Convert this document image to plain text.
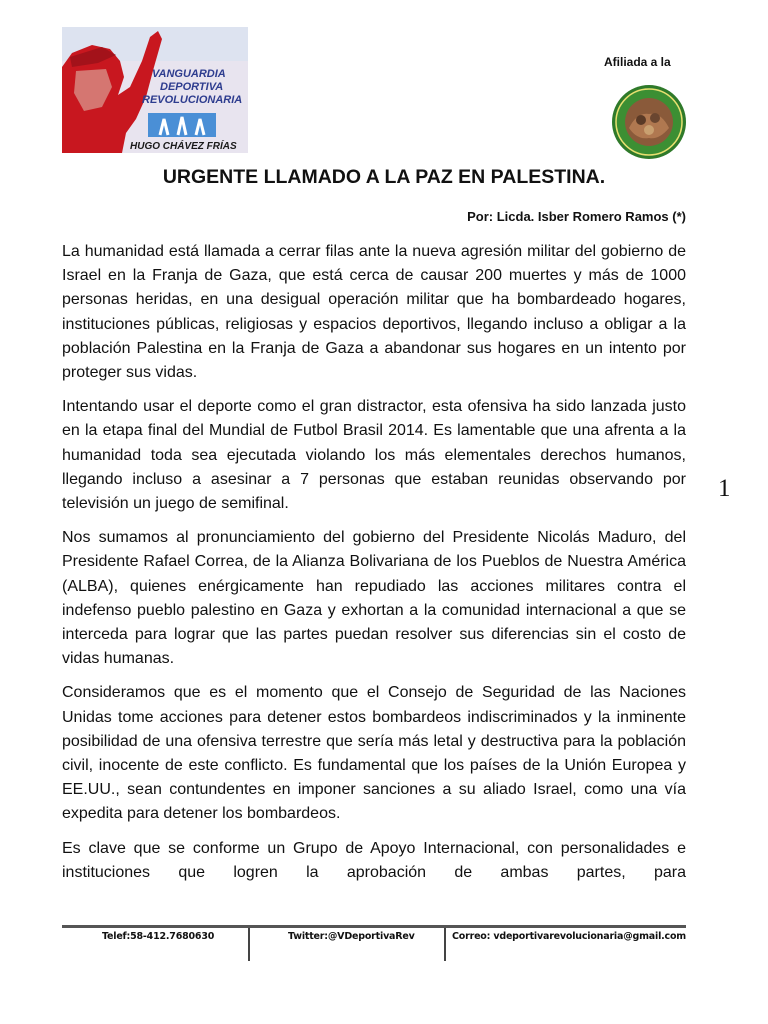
VANGUARDIA
DEPORTIVA
REVOLUCIONARIA
HUGO CHÁVEZ FRÍAS
Afiliada a la
URGENTE LLAMADO A LA PAZ EN PALESTINA.
Por: Licda. Isber Romero Ramos (*)

La humanidad está llamada a cerrar filas ante la nueva agresión militar del gobierno de Israel en la Franja de Gaza, que está cerca de causar 200 muertes y más de 1000 personas heridas, en una desigual operación militar que ha bombardeado hogares, instituciones públicas, religiosas y espacios deportivos, llegando incluso a obligar a la población Palestina en la Franja de Gaza a abandonar sus hogares en un intento por proteger sus vidas.

Intentando usar el deporte como el gran distractor, esta ofensiva ha sido lanzada justo en la etapa final del Mundial de Futbol Brasil 2014. Es lamentable que una afrenta a la humanidad toda sea ejecutada violando los más elementales derechos humanos, llegando incluso a asesinar a 7 personas que estaban reunidas observando por televisión un juego de semifinal.

Nos sumamos al pronunciamiento del gobierno del Presidente Nicolás Maduro, del Presidente Rafael Correa, de la Alianza Bolivariana de los Pueblos de Nuestra América (ALBA), quienes enérgicamente han repudiado las acciones militares contra el indefenso pueblo palestino en Gaza y exhortan a la comunidad internacional a que se interceda para lograr que las partes puedan resolver sus diferencias sin el costo de vidas humanas.

Consideramos que es el momento que el Consejo de Seguridad de las Naciones Unidas tome acciones para detener estos bombardeos indiscriminados y la inminente posibilidad de una ofensiva terrestre que sería más letal y destructiva para la población civil, inocente de este conflicto. Es fundamental que los países de la Unión Europea y EE.UU., sean contundentes en imponer sanciones a su aliado Israel, como una vía expedita para detener los bombardeos.

Es clave que se conforme un Grupo de Apoyo Internacional, con personalidades e instituciones que logren la aprobación de ambas partes, para

1
Telef:58-412.7680630	Twitter:@VDeportivaRev	Correo: vdeportivarevolucionaria@gmail.com
